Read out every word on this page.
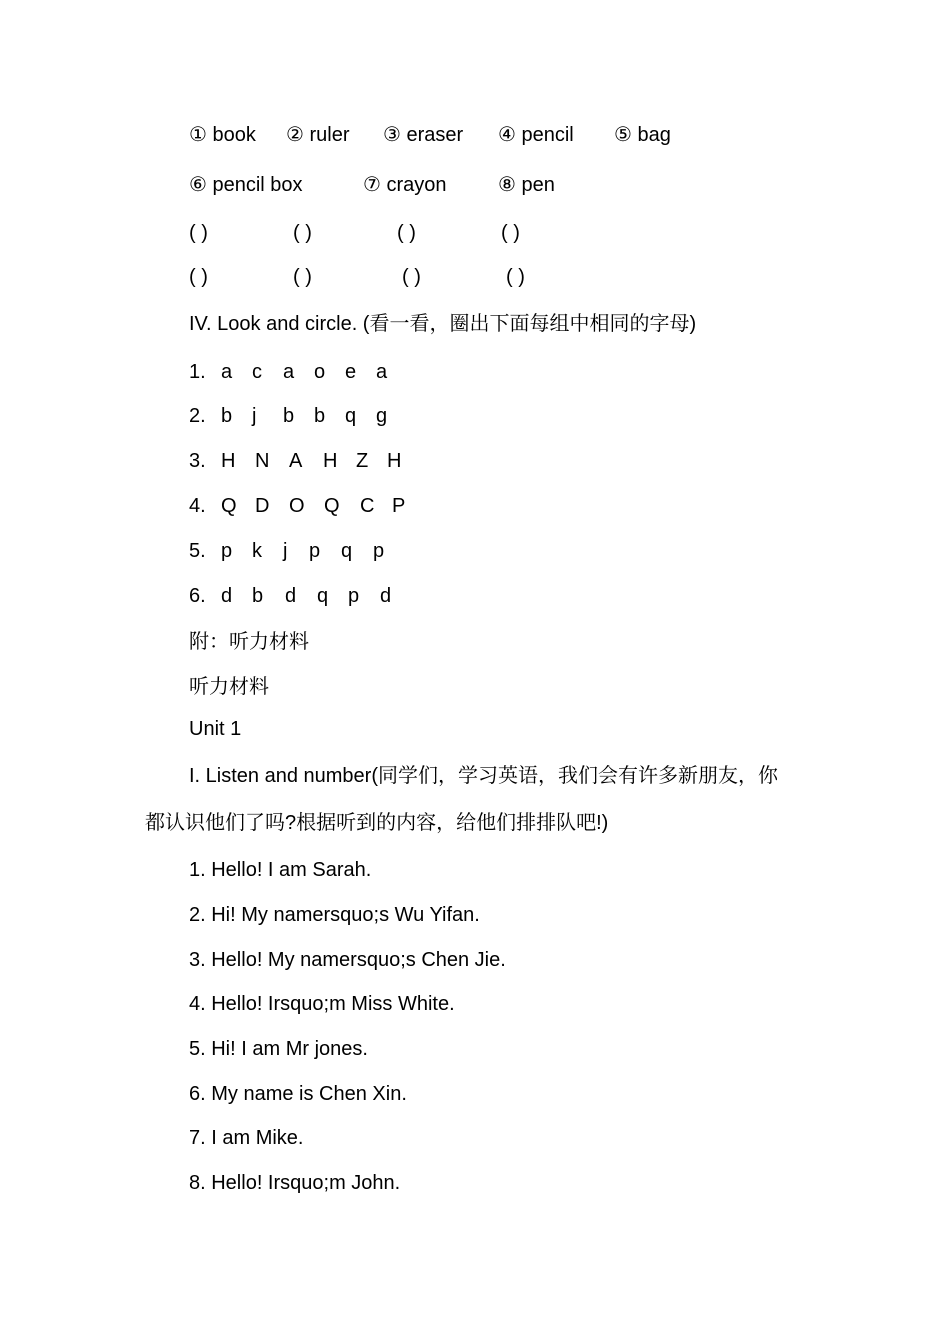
① book ② ruler ③ eraser ④ pencil ⑤ bag
⑥ pencil box	⑦ crayon	⑧ pen
( )	( )	( )	( )
( )	( )	( )	( )
IV. Look and circle. (看一看，圈出下面每组中相同的字母)
1. a c a o e a
2. b j b b q g
3. H N A H Z H
4. Q D O Q C P
5. p k j p q p
6. d b d q p d
附：听力材料
听力材料
Unit 1
I. Listen and number(同学们，学习英语，我们会有许多新朋友，你
都认识他们了吗?根据听到的内容，给他们排排队吧!)
1. Hello! I am Sarah.
2. Hi! My namersquo;s Wu Yifan.
3. Hello! My namersquo;s Chen Jie.
4. Hello! Irsquo;m Miss White.
5. Hi! I am Mr jones.
6. My name is Chen Xin.
7. I am Mike.
8. Hello! Irsquo;m John.
